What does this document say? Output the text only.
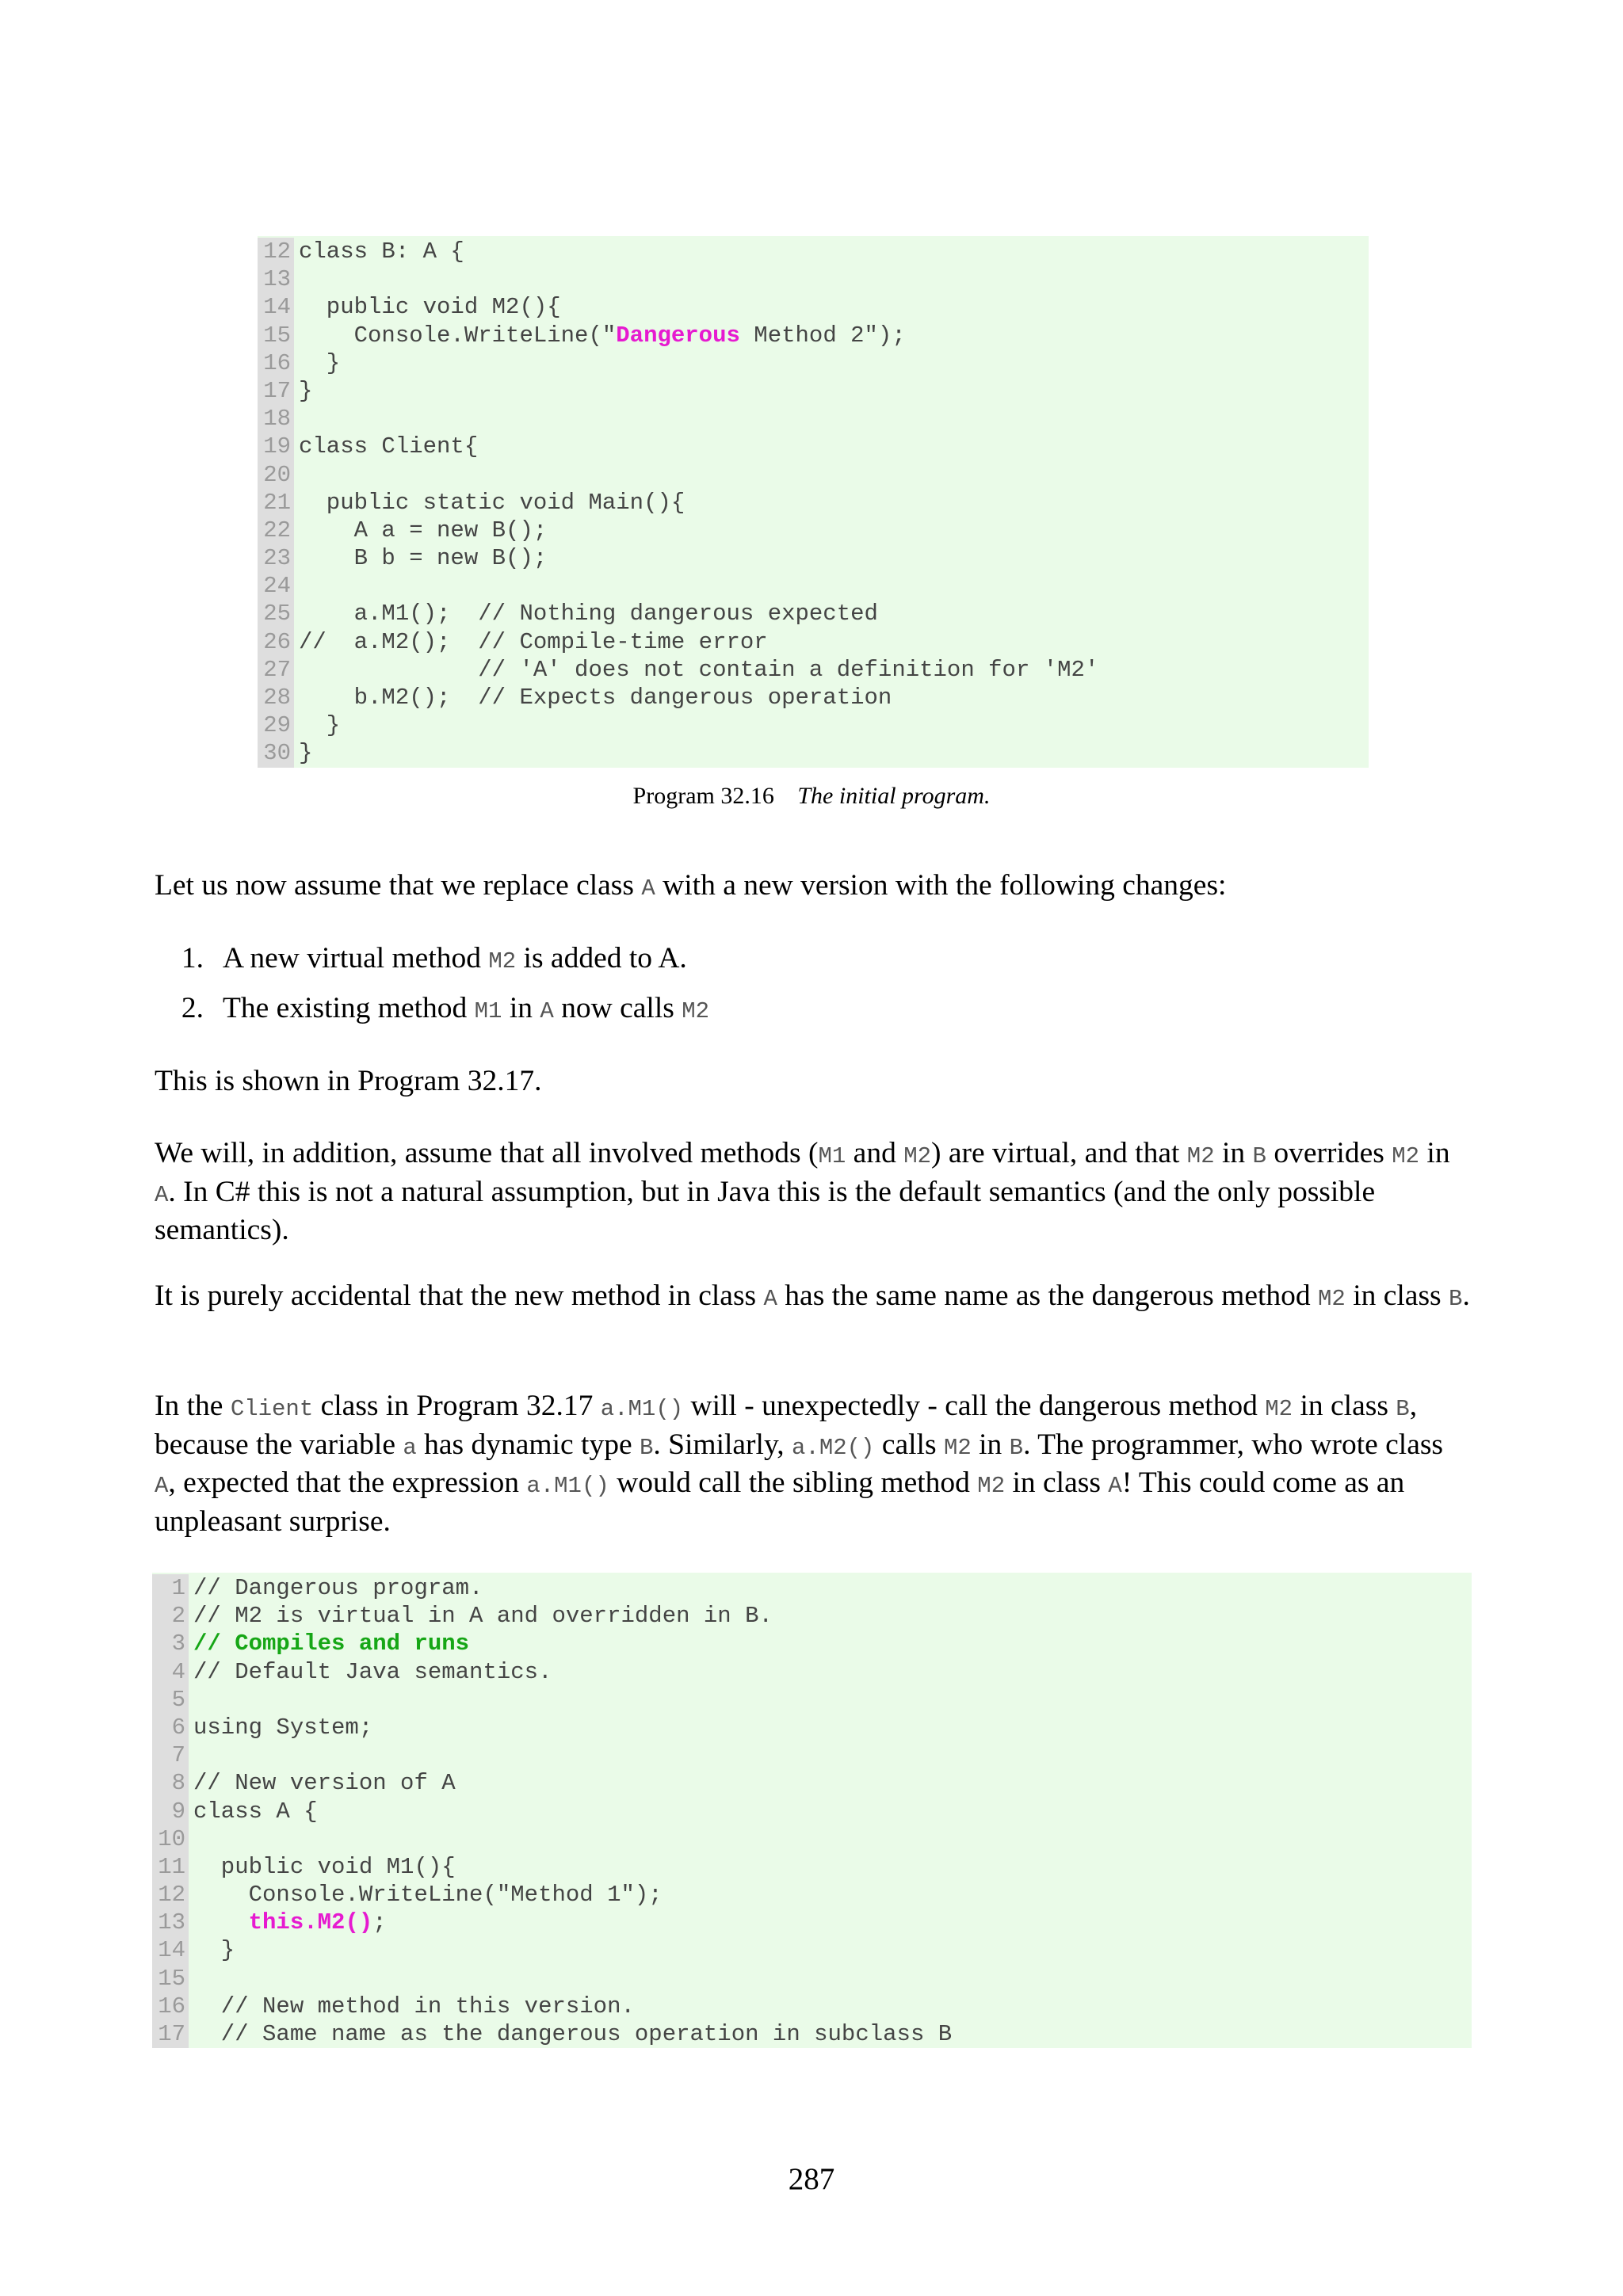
12 class B: A {
13
14 public void M2(){
15 Console.WriteLine("Dangerous Method 2");
16 }
17 }
18
19 class Client{
20
21 public static void Main(){
22 A a = new B();
23 B b = new B();
24
25 a.M1();  // Nothing dangerous expected
26 //  a.M2();  // Compile-time error
27 // 'A' does not contain a definition for 'M2'
28 b.M2();  // Expects dangerous operation
29 }
30 }
Program 32.16 The initial program.

Let us now assume that we replace class A with a new version with the following changes:

1. A new virtual method M2 is added to A.
2. The existing method M1 in A now calls M2

This is shown in Program 32.17.

We will, in addition, assume that all involved methods (M1 and M2) are virtual, and that M2 in B overrides M2 in A. In C# this is not a natural assumption, but in Java this is the default semantics (and the only possible semantics).

It is purely accidental that the new method in class A has the same name as the dangerous method M2 in class B.

In the Client class in Program 32.17 a.M1() will - unexpectedly - call the dangerous method M2 in class B, because the variable a has dynamic type B. Similarly, a.M2() calls M2 in B. The programmer, who wrote class A, expected that the expression a.M1() would call the sibling method M2 in class A! This could come as an unpleasant surprise.

1 // Dangerous program.
2 // M2 is virtual in A and overridden in B.
3 // Compiles and runs
4 // Default Java semantics.
5
6 using System;
7
8 // New version of A
9 class A {
10
11 public void M1(){
12 Console.WriteLine("Method 1");
13	this.M2();
14 }
15
16 // New method in this version.
17 // Same name as the dangerous operation in subclass B
287
